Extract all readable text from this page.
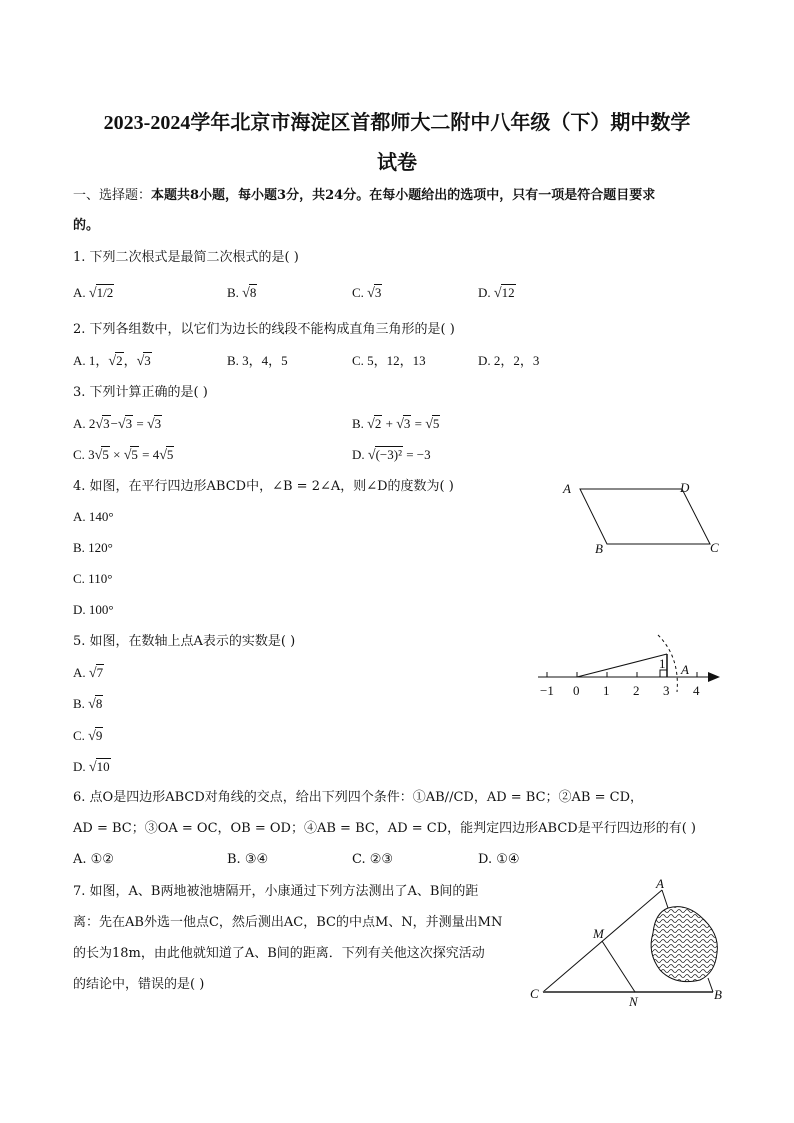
2023-2024学年北京市海淀区首都师大二附中八年级（下）期中数学
试卷
一、选择题：本题共8小题，每小题3分，共24分。在每小题给出的选项中，只有一项是符合题目要求
的。
1. 下列二次根式是最简二次根式的是( )
A. √1/2	B. √8	C. √3	D. √12
2. 下列各组数中，以它们为边长的线段不能构成直角三角形的是( )
A. 1，√2，√3	B. 3，4，5	C. 5，12，13	D. 2，2，3
3. 下列计算正确的是( )
A. 2√3−√3 = √3	B. √2 + √3 = √5
C. 3√5 × √5 = 4√5	D. √(−3)² = −3
4. 如图，在平行四边形ABCD中，∠B = 2∠A，则∠D的度数为( )
A. 140°
B. 120°
C. 110°
D. 100°
A	D
B	C
5. 如图，在数轴上点A表示的实数是( )
A. √7
B. √8
C. √9
D. √10
−1 0 1 2 3 4
1 A
6. 点O是四边形ABCD对角线的交点，给出下列四个条件：①AB//CD，AD = BC；②AB = CD，
AD = BC；③OA = OC，OB = OD；④AB = BC，AD = CD，能判定四边形ABCD是平行四边形的有( )
A. ①②	B. ③④	C. ②③	D. ①④
7. 如图，A、B两地被池塘隔开，小康通过下列方法测出了A、B间的距
离：先在AB外选一他点C，然后测出AC，BC的中点M、N，并测量出MN
的长为18m，由此他就知道了A、B间的距离．下列有关他这次探究活动
的结论中，错误的是( )
A
M
C
N	B
